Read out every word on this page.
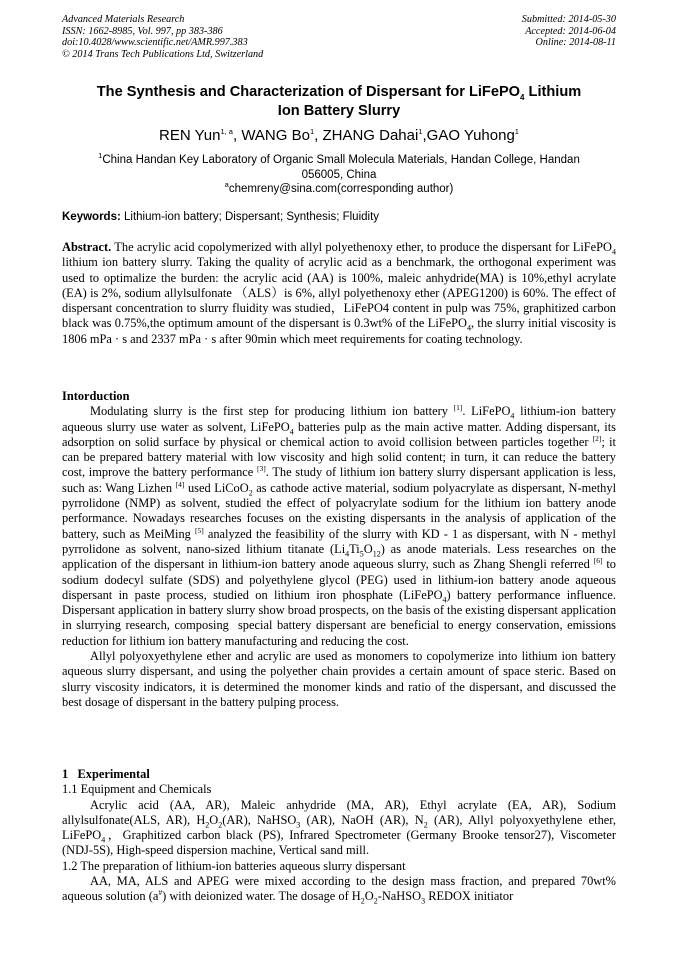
Advanced Materials Research
ISSN: 1662-8985, Vol. 997, pp 383-386
doi:10.4028/www.scientific.net/AMR.997.383
© 2014 Trans Tech Publications Ltd, Switzerland
Submitted: 2014-05-30
Accepted: 2014-06-04
Online: 2014-08-11
The Synthesis and Characterization of Dispersant for LiFePO$_4$ Lithium
Ion Battery Slurry
REN Yun$^{1, a}$, WANG Bo$^1$, ZHANG Dahai$^1$,GAO Yuhong$^1$
$^1$China Handan Key Laboratory of Organic Small Molecula Materials, Handan College, Handan
056005, China
$^a$chemreny@sina.com(corresponding author)
Keywords: Lithium-ion battery; Dispersant; Synthesis; Fluidity

Abstract. The acrylic acid copolymerized with allyl polyethenoxy ether, to produce the dispersant for LiFePO$_4$ lithium ion battery slurry. Taking the quality of acrylic acid as a benchmark, the orthogonal experiment was used to optimalize the burden: the acrylic acid (AA) is 100%, maleic anhydride(MA) is 10%,ethyl acrylate (EA) is 2%, sodium allylsulfonate （ALS）is 6%, allyl polyethenoxy ether (APEG1200) is 60%. The effect of dispersant concentration to slurry fluidity was studied，LiFePO4 content in pulp was 75%, graphitized carbon black was 0.75%,the optimum amount of the dispersant is 0.3wt% of the LiFePO$_4$, the slurry initial viscosity is 1806 mPa · s and 2337 mPa · s after 90min which meet requirements for coating technology.

Intorduction

Modulating slurry is the first step for producing lithium ion battery [1]. LiFePO$_4$ lithium-ion battery aqueous slurry use water as solvent, LiFePO$_4$ batteries pulp as the main active matter. Adding dispersant, its adsorption on solid surface by physical or chemical action to avoid collision between particles together [2]; it can be prepared battery material with low viscosity and high solid content; in turn, it can reduce the battery cost, improve the battery performance [3]. The study of lithium ion battery slurry dispersant application is less, such as: Wang Lizhen [4] used LiCoO$_2$ as cathode active material, sodium polyacrylate as dispersant, N-methyl pyrrolidone (NMP) as solvent, studied the effect of polyacrylate sodium for the lithium ion battery anode performance. Nowadays researches focuses on the existing dispersants in the analysis of application of the battery, such as MeiMing [5] analyzed the feasibility of the slurry with KD - 1 as dispersant, with N - methyl pyrrolidone as solvent, nano-sized lithium titanate $(Li_4Ti_5O_{12})$ as anode materials. Less researches on the application of the dispersant in lithium-ion battery anode aqueous slurry, such as Zhang Shengli referred [6] to sodium dodecyl sulfate (SDS) and polyethylene glycol (PEG) used in lithium-ion battery anode aqueous dispersant in paste process, studied on lithium iron phosphate (LiFePO$_4$) battery performance influence. Dispersant application in battery slurry show broad prospects, on the basis of the existing dispersant application in slurrying research, composing  special battery dispersant are beneficial to energy conservation, emissions reduction for lithium ion battery manufacturing and reducing the cost.

Allyl polyoxyethylene ether and acrylic are used as monomers to copolymerize into lithium ion battery aqueous slurry dispersant, and using the polyether chain provides a certain amount of space steric. Based on slurry viscosity indicators, it is determined the monomer kinds and ratio of the dispersant, and discussed the best dosage of dispersant in the battery pulping process.

1   Experimental
1.1 Equipment and Chemicals

Acrylic acid (AA, AR), Maleic anhydride (MA, AR), Ethyl acrylate (EA, AR), Sodium allylsulfonate(ALS, AR), $H_2O_2(AR)$, NaHSO$_3$ (AR), NaOH (AR), $N_2$ (AR), Allyl polyoxyethylene ether, LiFePO$_4$，Graphitized carbon black (PS), Infrared Spectrometer (Germany Brooke tensor27), Viscometer (NDJ-5S), High-speed dispersion machine, Vertical sand mill.

1.2 The preparation of lithium-ion batteries aqueous slurry dispersant

AA, MA, ALS and APEG were mixed according to the design mass fraction, and prepared 70wt% aqueous solution (a#) with deionized water. The dosage of $H_2O_2-NaHSO_3$ REDOX initiator
